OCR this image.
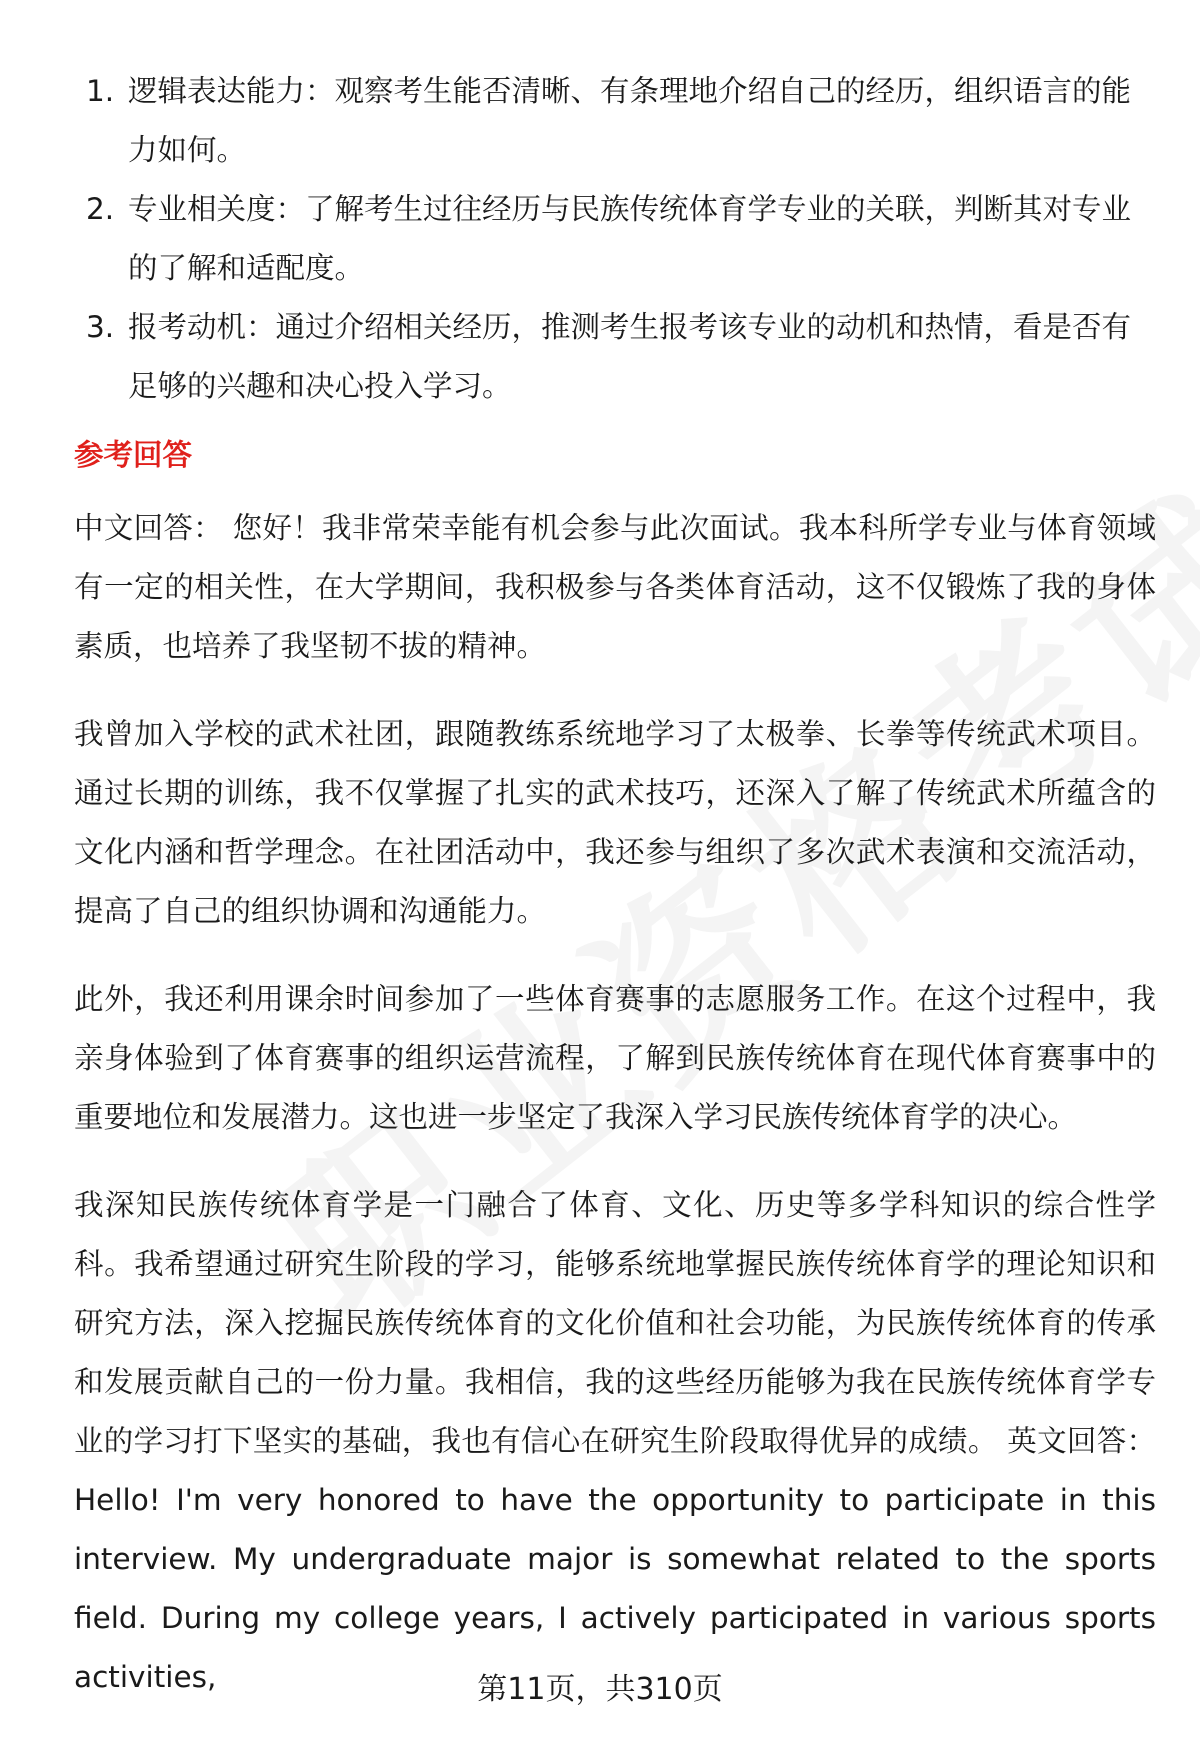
1. 逻辑表达能力：观察考生能否清晰、有条理地介绍自己的经历，组织语言的能力如何。
2. 专业相关度：了解考生过往经历与民族传统体育学专业的关联，判断其对专业的了解和适配度。
3. 报考动机：通过介绍相关经历，推测考生报考该专业的动机和热情，看是否有足够的兴趣和决心投入学习。
参考回答

中文回答： 您好！我非常荣幸能有机会参与此次面试。我本科所学专业与体育领域有一定的相关性，在大学期间，我积极参与各类体育活动，这不仅锻炼了我的身体素质，也培养了我坚韧不拔的精神。

我曾加入学校的武术社团，跟随教练系统地学习了太极拳、长拳等传统武术项目。通过长期的训练，我不仅掌握了扎实的武术技巧，还深入了解了传统武术所蕴含的文化内涵和哲学理念。在社团活动中，我还参与组织了多次武术表演和交流活动，提高了自己的组织协调和沟通能力。

此外，我还利用课余时间参加了一些体育赛事的志愿服务工作。在这个过程中，我亲身体验到了体育赛事的组织运营流程，了解到民族传统体育在现代体育赛事中的重要地位和发展潜力。这也进一步坚定了我深入学习民族传统体育学的决心。

我深知民族传统体育学是一门融合了体育、文化、历史等多学科知识的综合性学科。我希望通过研究生阶段的学习，能够系统地掌握民族传统体育学的理论知识和研究方法，深入挖掘民族传统体育的文化价值和社会功能，为民族传统体育的传承和发展贡献自己的一份力量。我相信，我的这些经历能够为我在民族传统体育学专业的学习打下坚实的基础，我也有信心在研究生阶段取得优异的成绩。 英文回答：Hello! I'm very honored to have the opportunity to participate in this interview. My undergraduate major is somewhat related to the sports field. During my college years, I actively participated in various sports activities,	第11页，共310页
